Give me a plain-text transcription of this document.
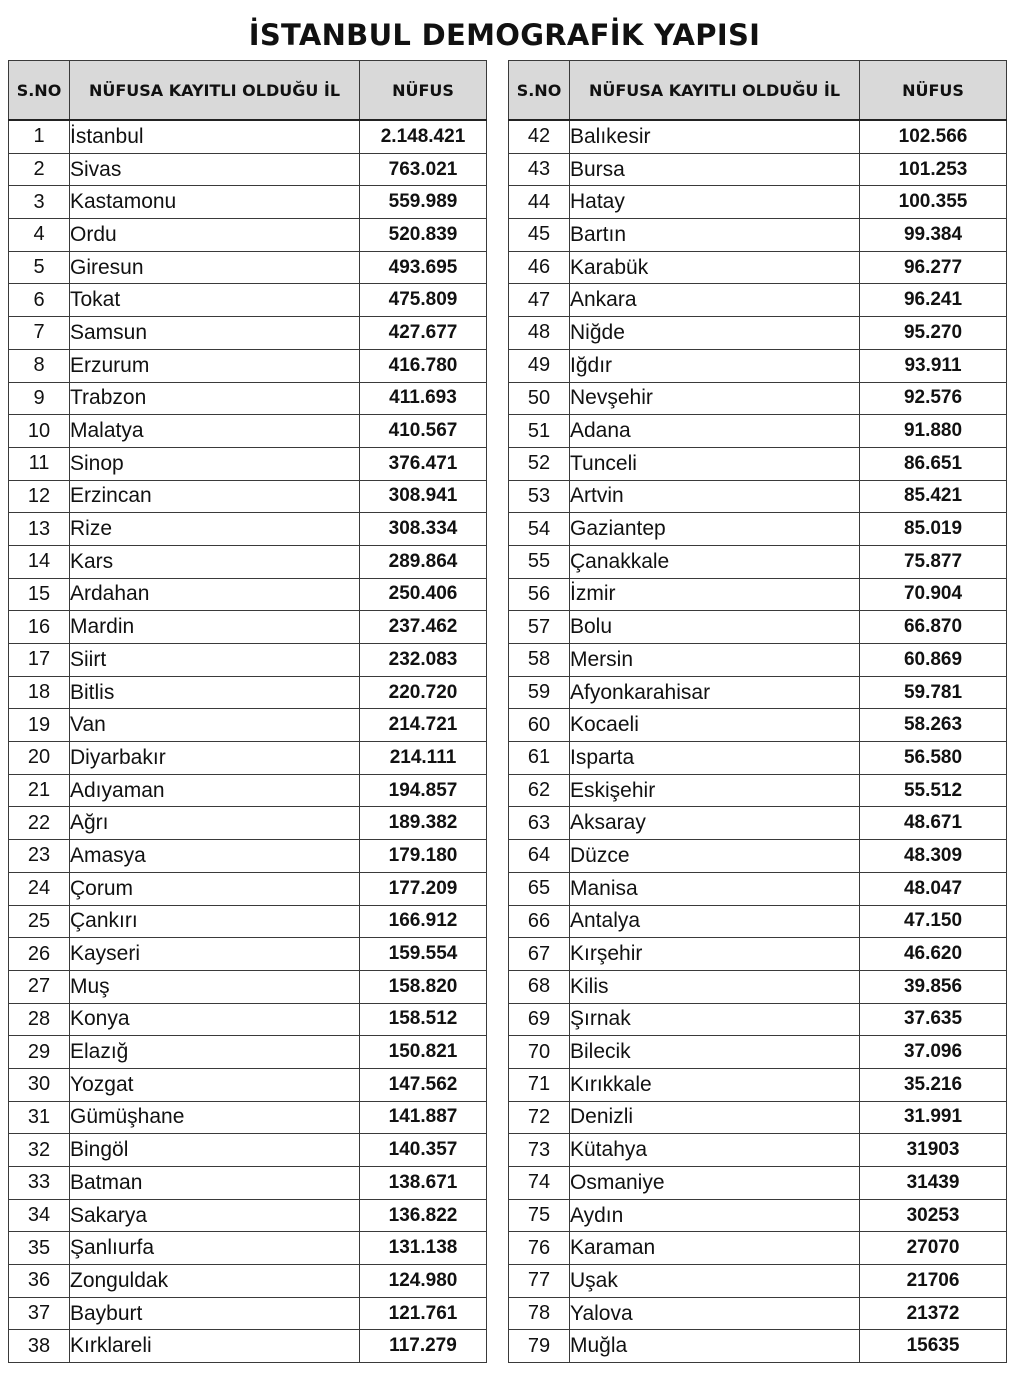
İSTANBUL DEMOGRAFİK YAPISI
S.NO	NÜFUSA KAYITLI OLDUĞU İL	NÜFUS
1	İstanbul	2.148.421
2	Sivas	763.021
3	Kastamonu	559.989
4	Ordu	520.839
5	Giresun	493.695
6	Tokat	475.809
7	Samsun	427.677
8	Erzurum	416.780
9	Trabzon	411.693
10	Malatya	410.567
11	Sinop	376.471
12	Erzincan	308.941
13	Rize	308.334
14	Kars	289.864
15	Ardahan	250.406
16	Mardin	237.462
17	Siirt	232.083
18	Bitlis	220.720
19	Van	214.721
20	Diyarbakır	214.111
21	Adıyaman	194.857
22	Ağrı	189.382
23	Amasya	179.180
24	Çorum	177.209
25	Çankırı	166.912
26	Kayseri	159.554
27	Muş	158.820
28	Konya	158.512
29	Elazığ	150.821
30	Yozgat	147.562
31	Gümüşhane	141.887
32	Bingöl	140.357
33	Batman	138.671
34	Sakarya	136.822
35	Şanlıurfa	131.138
36	Zonguldak	124.980
37	Bayburt	121.761
38	Kırklareli	117.279
S.NO	NÜFUSA KAYITLI OLDUĞU İL	NÜFUS
42	Balıkesir	102.566
43	Bursa	101.253
44	Hatay	100.355
45	Bartın	99.384
46	Karabük	96.277
47	Ankara	96.241
48	Niğde	95.270
49	Iğdır	93.911
50	Nevşehir	92.576
51	Adana	91.880
52	Tunceli	86.651
53	Artvin	85.421
54	Gaziantep	85.019
55	Çanakkale	75.877
56	İzmir	70.904
57	Bolu	66.870
58	Mersin	60.869
59	Afyonkarahisar	59.781
60	Kocaeli	58.263
61	Isparta	56.580
62	Eskişehir	55.512
63	Aksaray	48.671
64	Düzce	48.309
65	Manisa	48.047
66	Antalya	47.150
67	Kırşehir	46.620
68	Kilis	39.856
69	Şırnak	37.635
70	Bilecik	37.096
71	Kırıkkale	35.216
72	Denizli	31.991
73	Kütahya	31903
74	Osmaniye	31439
75	Aydın	30253
76	Karaman	27070
77	Uşak	21706
78	Yalova	21372
79	Muğla	15635
